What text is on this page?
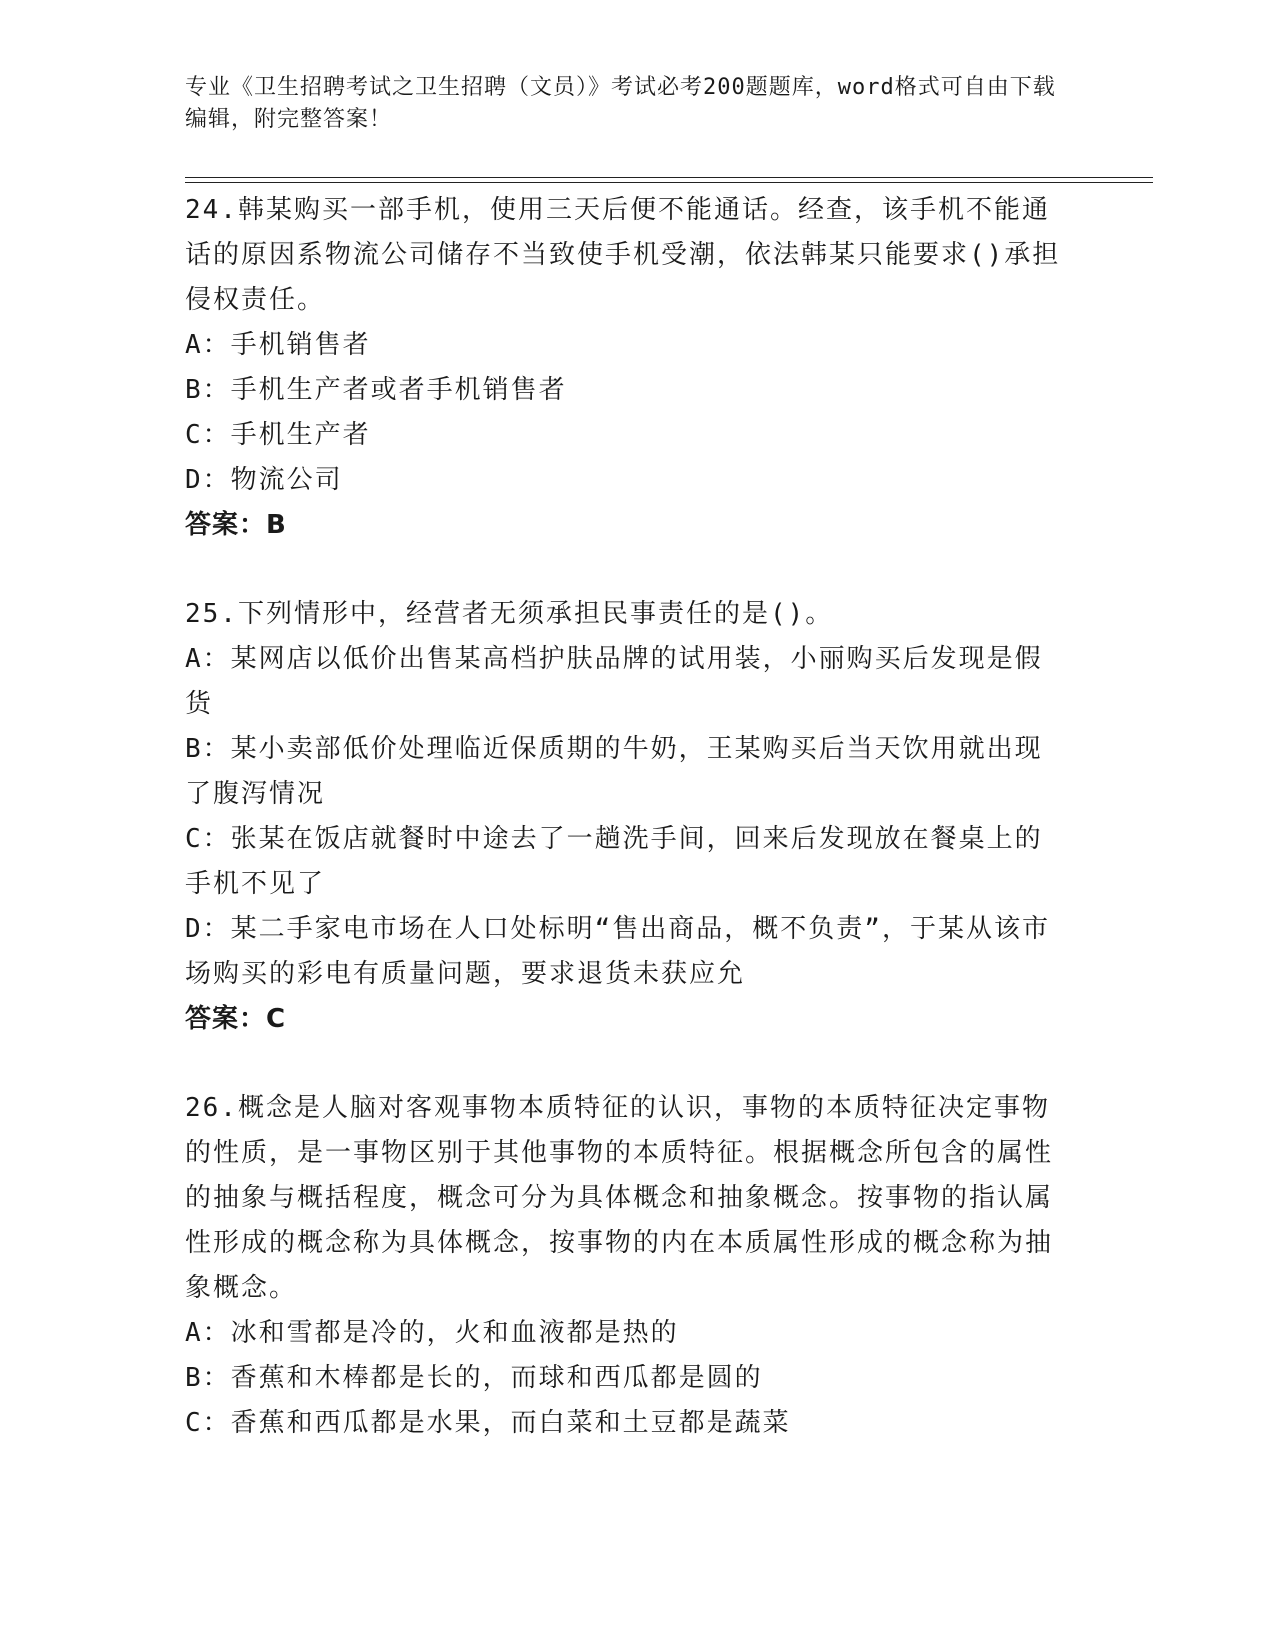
专业《卫生招聘考试之卫生招聘（文员）》考试必考200题题库，word格式可自由下载编辑，附完整答案！

24.韩某购买一部手机，使用三天后便不能通话。经查，该手机不能通话的原因系物流公司储存不当致使手机受潮，依法韩某只能要求()承担侵权责任。

A：手机销售者

B：手机生产者或者手机销售者

C：手机生产者

D：物流公司

答案：B

25.下列情形中，经营者无须承担民事责任的是()。

A：某网店以低价出售某高档护肤品牌的试用装，小丽购买后发现是假货

B：某小卖部低价处理临近保质期的牛奶，王某购买后当天饮用就出现了腹泻情况

C：张某在饭店就餐时中途去了一趟洗手间，回来后发现放在餐桌上的手机不见了

D：某二手家电市场在人口处标明“售出商品，概不负责”，于某从该市场购买的彩电有质量问题，要求退货未获应允

答案：C

26.概念是人脑对客观事物本质特征的认识，事物的本质特征决定事物的性质，是一事物区别于其他事物的本质特征。根据概念所包含的属性的抽象与概括程度，概念可分为具体概念和抽象概念。按事物的指认属性形成的概念称为具体概念，按事物的内在本质属性形成的概念称为抽象概念。

A：冰和雪都是冷的，火和血液都是热的

B：香蕉和木棒都是长的，而球和西瓜都是圆的

C：香蕉和西瓜都是水果，而白菜和土豆都是蔬菜
